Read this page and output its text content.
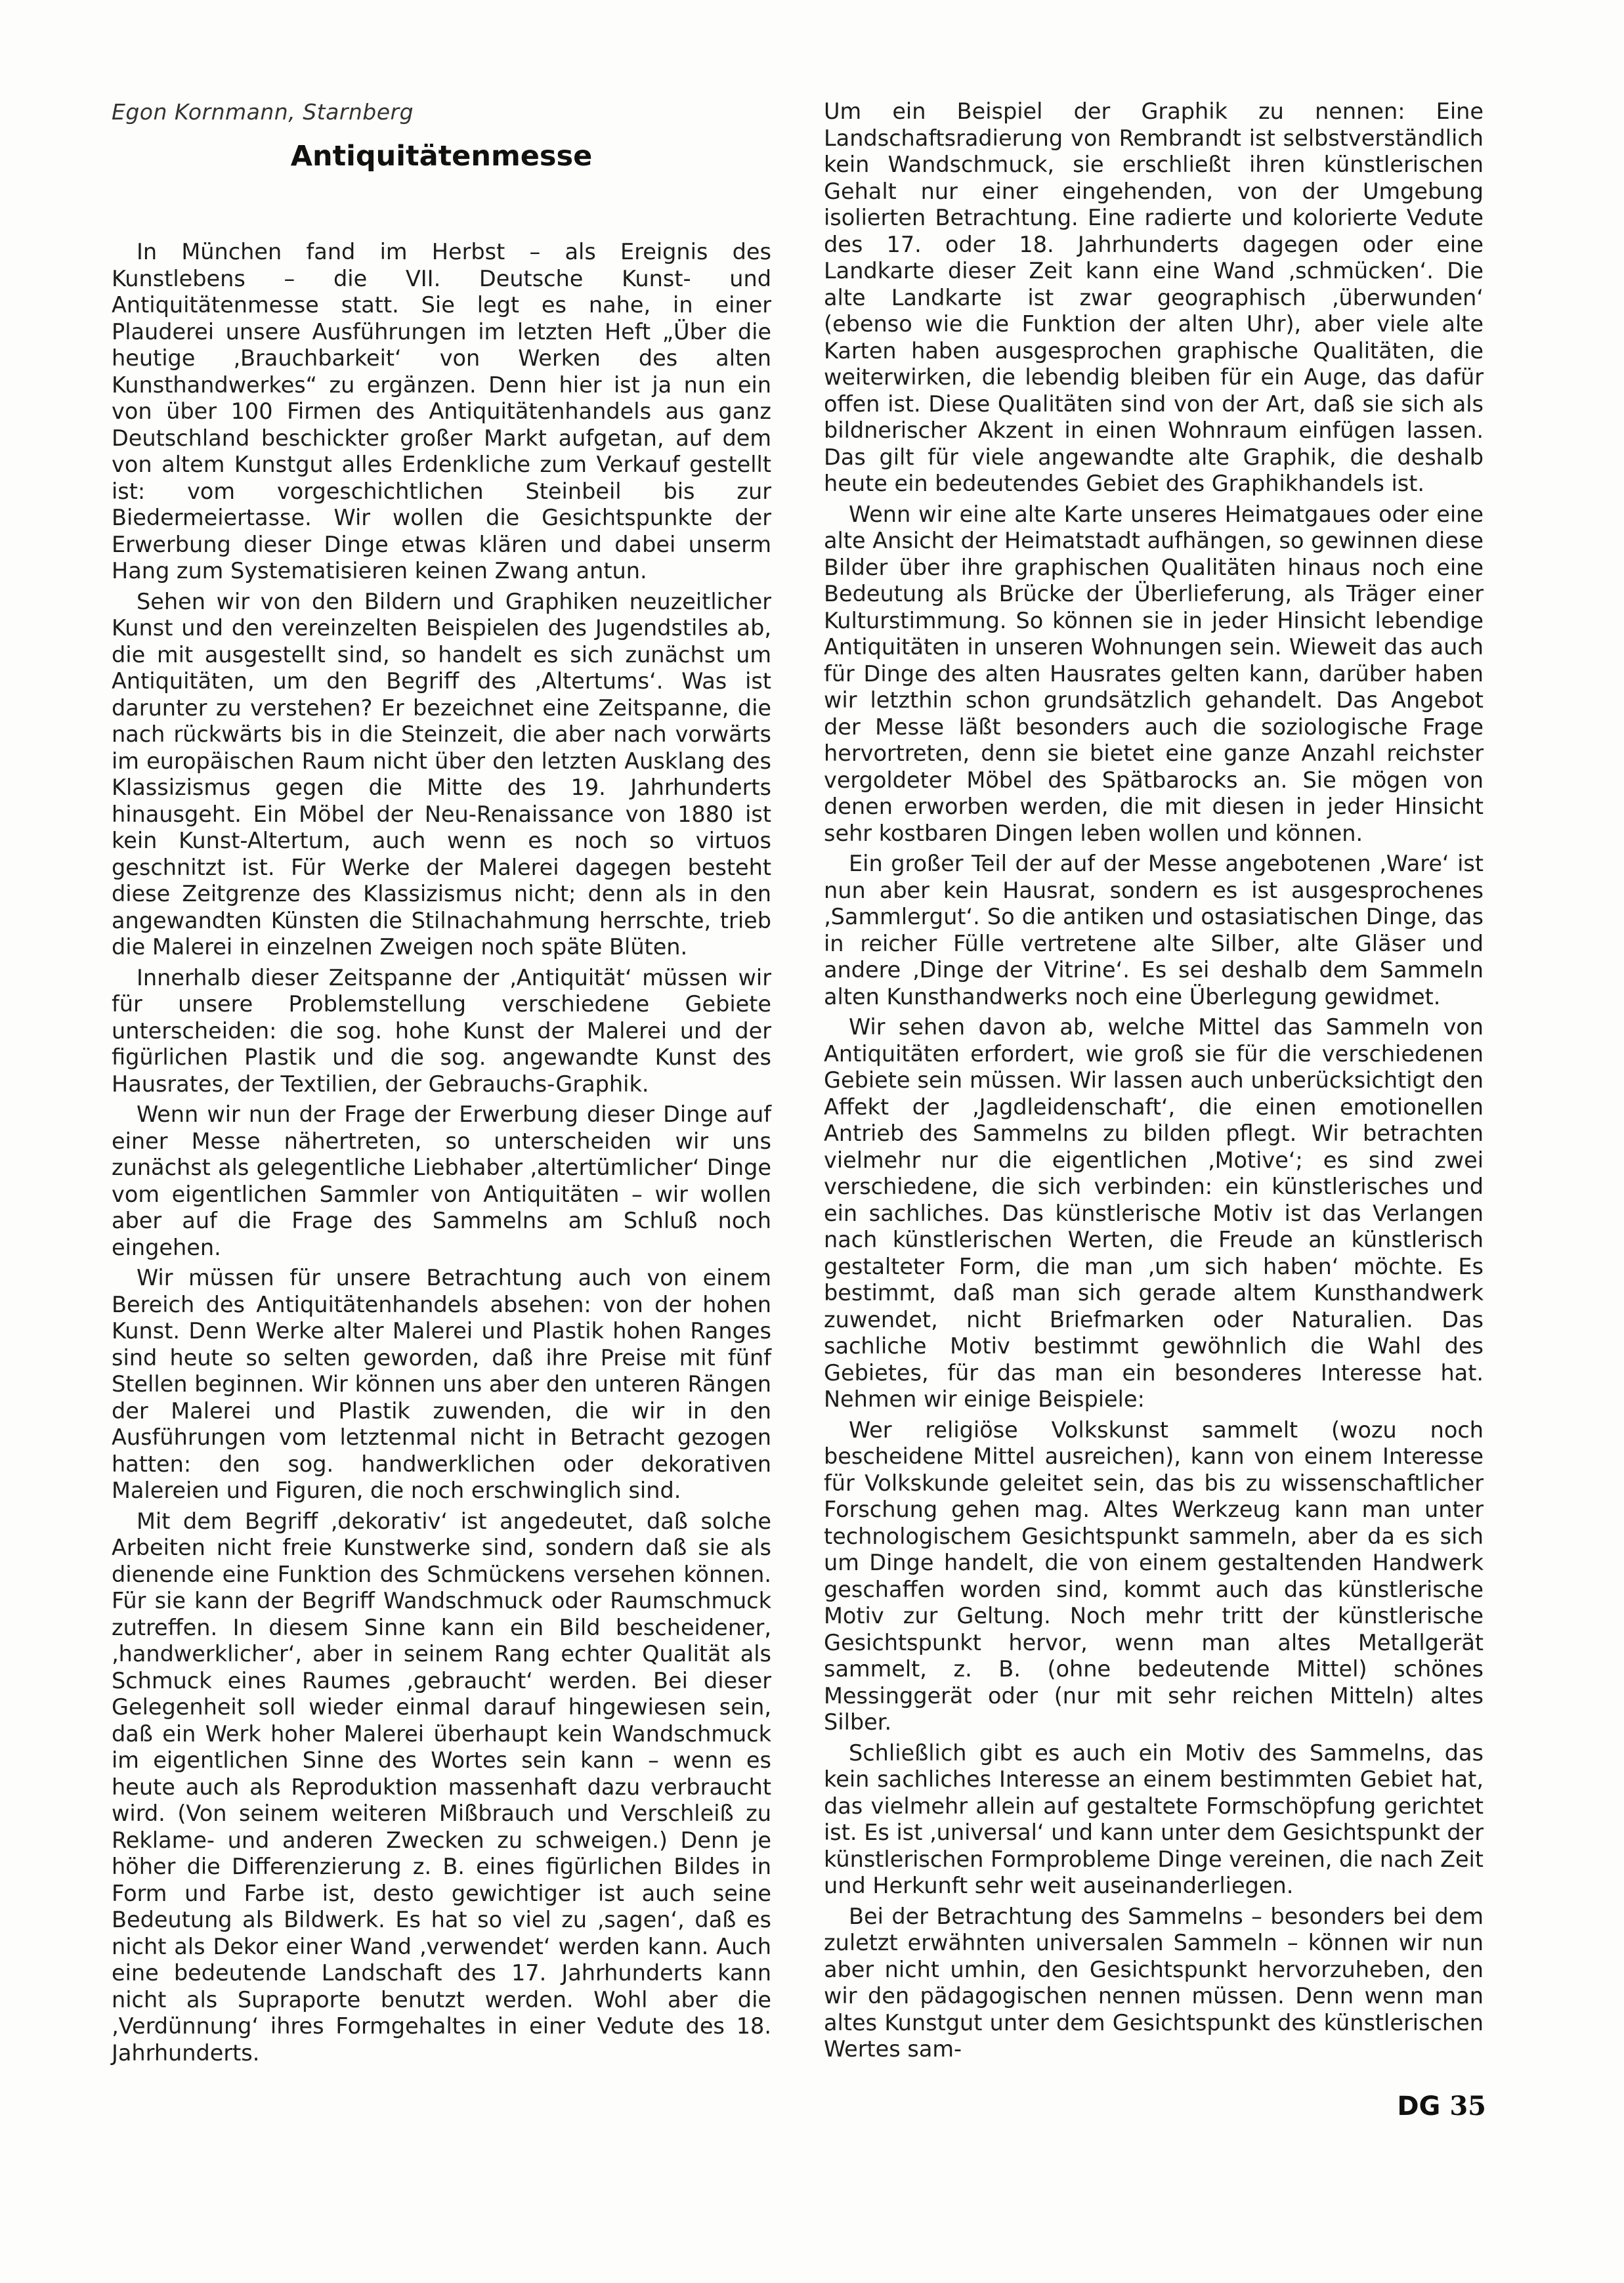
Egon Kornmann, Starnberg
Antiquitätenmesse

In München fand im Herbst – als Ereignis des Kunstlebens – die VII. Deutsche Kunst- und Antiquitätenmesse statt. Sie legt es nahe, in einer Plauderei unsere Ausführungen im letzten Heft „Über die heutige ‚Brauchbarkeit‘ von Werken des alten Kunsthandwerkes“ zu ergänzen. Denn hier ist ja nun ein von über 100 Firmen des Antiquitätenhandels aus ganz Deutschland beschickter großer Markt aufgetan, auf dem von altem Kunstgut alles Erdenkliche zum Verkauf gestellt ist: vom vorgeschichtlichen Steinbeil bis zur Biedermeiertasse. Wir wollen die Gesichtspunkte der Erwerbung dieser Dinge etwas klären und dabei unserm Hang zum Systematisieren keinen Zwang antun.

Sehen wir von den Bildern und Graphiken neuzeitlicher Kunst und den vereinzelten Beispielen des Jugendstiles ab, die mit ausgestellt sind, so handelt es sich zunächst um Antiquitäten, um den Begriff des ‚Altertums‘. Was ist darunter zu verstehen? Er bezeichnet eine Zeitspanne, die nach rückwärts bis in die Steinzeit, die aber nach vorwärts im europäischen Raum nicht über den letzten Ausklang des Klassizismus gegen die Mitte des 19. Jahrhunderts hinausgeht. Ein Möbel der Neu-Renaissance von 1880 ist kein Kunst-Altertum, auch wenn es noch so virtuos geschnitzt ist. Für Werke der Malerei dagegen besteht diese Zeitgrenze des Klassizismus nicht; denn als in den angewandten Künsten die Stilnachahmung herrschte, trieb die Malerei in einzelnen Zweigen noch späte Blüten.

Innerhalb dieser Zeitspanne der ‚Antiquität‘ müssen wir für unsere Problemstellung verschiedene Gebiete unterscheiden: die sog. hohe Kunst der Malerei und der figürlichen Plastik und die sog. angewandte Kunst des Hausrates, der Textilien, der Gebrauchs-Graphik.

Wenn wir nun der Frage der Erwerbung dieser Dinge auf einer Messe nähertreten, so unterscheiden wir uns zunächst als gelegentliche Liebhaber ‚altertümlicher‘ Dinge vom eigentlichen Sammler von Antiquitäten – wir wollen aber auf die Frage des Sammelns am Schluß noch eingehen.

Wir müssen für unsere Betrachtung auch von einem Bereich des Antiquitätenhandels absehen: von der hohen Kunst. Denn Werke alter Malerei und Plastik hohen Ranges sind heute so selten geworden, daß ihre Preise mit fünf Stellen beginnen. Wir können uns aber den unteren Rängen der Malerei und Plastik zuwenden, die wir in den Ausführungen vom letztenmal nicht in Betracht gezogen hatten: den sog. handwerklichen oder dekorativen Malereien und Figuren, die noch erschwinglich sind.

Mit dem Begriff ‚dekorativ‘ ist angedeutet, daß solche Arbeiten nicht freie Kunstwerke sind, sondern daß sie als dienende eine Funktion des Schmückens versehen können. Für sie kann der Begriff Wandschmuck oder Raumschmuck zutreffen. In diesem Sinne kann ein Bild bescheidener, ‚handwerklicher‘, aber in seinem Rang echter Qualität als Schmuck eines Raumes ‚gebraucht‘ werden. Bei dieser Gelegenheit soll wieder einmal darauf hingewiesen sein, daß ein Werk hoher Malerei überhaupt kein Wandschmuck im eigentlichen Sinne des Wortes sein kann – wenn es heute auch als Reproduktion massenhaft dazu verbraucht wird. (Von seinem weiteren Mißbrauch und Verschleiß zu Reklame- und anderen Zwecken zu schweigen.) Denn je höher die Differenzierung z. B. eines figürlichen Bildes in Form und Farbe ist, desto gewichtiger ist auch seine Bedeutung als Bildwerk. Es hat so viel zu ‚sagen‘, daß es nicht als Dekor einer Wand ‚verwendet‘ werden kann. Auch eine bedeutende Landschaft des 17. Jahrhunderts kann nicht als Supraporte benutzt werden. Wohl aber die ‚Verdünnung‘ ihres Formgehaltes in einer Vedute des 18. Jahrhunderts.

Um ein Beispiel der Graphik zu nennen: Eine Landschaftsradierung von Rembrandt ist selbstverständlich kein Wandschmuck, sie erschließt ihren künstlerischen Gehalt nur einer eingehenden, von der Umgebung isolierten Betrachtung. Eine radierte und kolorierte Vedute des 17. oder 18. Jahrhunderts dagegen oder eine Landkarte dieser Zeit kann eine Wand ‚schmücken‘. Die alte Landkarte ist zwar geographisch ‚überwunden‘ (ebenso wie die Funktion der alten Uhr), aber viele alte Karten haben ausgesprochen graphische Qualitäten, die weiterwirken, die lebendig bleiben für ein Auge, das dafür offen ist. Diese Qualitäten sind von der Art, daß sie sich als bildnerischer Akzent in einen Wohnraum einfügen lassen. Das gilt für viele angewandte alte Graphik, die deshalb heute ein bedeutendes Gebiet des Graphikhandels ist.

Wenn wir eine alte Karte unseres Heimatgaues oder eine alte Ansicht der Heimatstadt aufhängen, so gewinnen diese Bilder über ihre graphischen Qualitäten hinaus noch eine Bedeutung als Brücke der Überlieferung, als Träger einer Kulturstimmung. So können sie in jeder Hinsicht lebendige Antiquitäten in unseren Wohnungen sein. Wieweit das auch für Dinge des alten Hausrates gelten kann, darüber haben wir letzthin schon grundsätzlich gehandelt. Das Angebot der Messe läßt besonders auch die soziologische Frage hervortreten, denn sie bietet eine ganze Anzahl reichster vergoldeter Möbel des Spätbarocks an. Sie mögen von denen erworben werden, die mit diesen in jeder Hinsicht sehr kostbaren Dingen leben wollen und können.

Ein großer Teil der auf der Messe angebotenen ‚Ware‘ ist nun aber kein Hausrat, sondern es ist ausgesprochenes ‚Sammlergut‘. So die antiken und ostasiatischen Dinge, das in reicher Fülle vertretene alte Silber, alte Gläser und andere ‚Dinge der Vitrine‘. Es sei deshalb dem Sammeln alten Kunsthandwerks noch eine Überlegung gewidmet.

Wir sehen davon ab, welche Mittel das Sammeln von Antiquitäten erfordert, wie groß sie für die verschiedenen Gebiete sein müssen. Wir lassen auch unberücksichtigt den Affekt der ‚Jagdleidenschaft‘, die einen emotionellen Antrieb des Sammelns zu bilden pflegt. Wir betrachten vielmehr nur die eigentlichen ‚Motive‘; es sind zwei verschiedene, die sich verbinden: ein künstlerisches und ein sachliches. Das künstlerische Motiv ist das Verlangen nach künstlerischen Werten, die Freude an künstlerisch gestalteter Form, die man ‚um sich haben‘ möchte. Es bestimmt, daß man sich gerade altem Kunsthandwerk zuwendet, nicht Briefmarken oder Naturalien. Das sachliche Motiv bestimmt gewöhnlich die Wahl des Gebietes, für das man ein besonderes Interesse hat. Nehmen wir einige Beispiele:

Wer religiöse Volkskunst sammelt (wozu noch bescheidene Mittel ausreichen), kann von einem Interesse für Volkskunde geleitet sein, das bis zu wissenschaftlicher Forschung gehen mag. Altes Werkzeug kann man unter technologischem Gesichtspunkt sammeln, aber da es sich um Dinge handelt, die von einem gestaltenden Handwerk geschaffen worden sind, kommt auch das künstlerische Motiv zur Geltung. Noch mehr tritt der künstlerische Gesichtspunkt hervor, wenn man altes Metallgerät sammelt, z. B. (ohne bedeutende Mittel) schönes Messinggerät oder (nur mit sehr reichen Mitteln) altes Silber.

Schließlich gibt es auch ein Motiv des Sammelns, das kein sachliches Interesse an einem bestimmten Gebiet hat, das vielmehr allein auf gestaltete Formschöpfung gerichtet ist. Es ist ‚universal‘ und kann unter dem Gesichtspunkt der künstlerischen Formprobleme Dinge vereinen, die nach Zeit und Herkunft sehr weit auseinanderliegen.

Bei der Betrachtung des Sammelns – besonders bei dem zuletzt erwähnten universalen Sammeln – können wir nun aber nicht umhin, den Gesichtspunkt hervorzuheben, den wir den pädagogischen nennen müssen. Denn wenn man altes Kunstgut unter dem Gesichtspunkt des künstlerischen Wertes sam-

DG 35
